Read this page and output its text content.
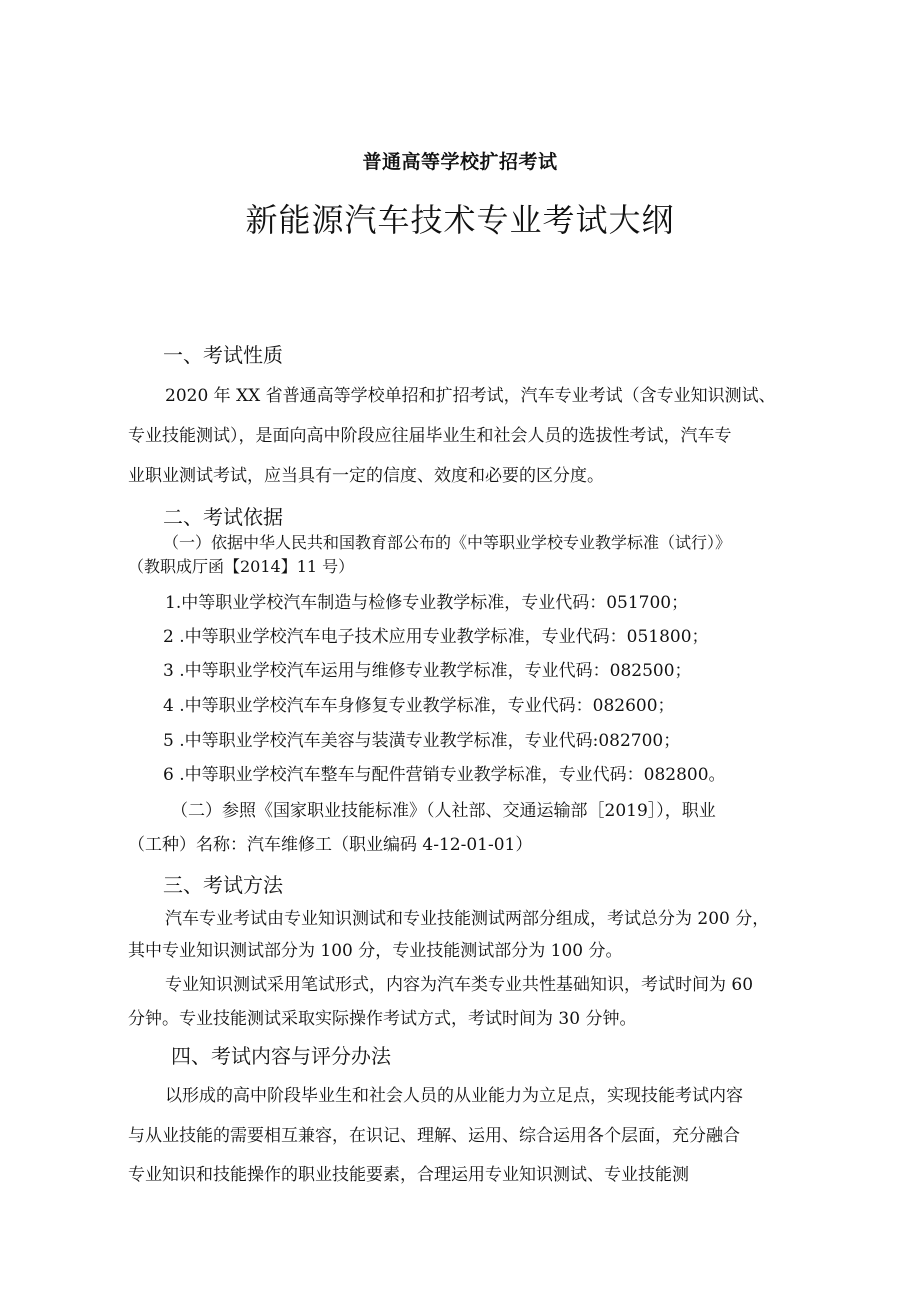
普通高等学校扩招考试
新能源汽车技术专业考试大纲
一、考试性质
2020 年 XX 省普通高等学校单招和扩招考试，汽车专业考试（含专业知识测试、
专业技能测试），是面向高中阶段应往届毕业生和社会人员的选拔性考试，汽车专
业职业测试考试，应当具有一定的信度、效度和必要的区分度。
二、考试依据
（一）依据中华人民共和国教育部公布的《中等职业学校专业教学标准（试行）》
（教职成厅函【2014】11 号）
1.中等职业学校汽车制造与检修专业教学标准，专业代码：051700；
2 .中等职业学校汽车电子技术应用专业教学标准，专业代码：051800；
3 .中等职业学校汽车运用与维修专业教学标准，专业代码：082500；
4 .中等职业学校汽车车身修复专业教学标准，专业代码：082600；
5 .中等职业学校汽车美容与装潢专业教学标准，专业代码:082700；
6 .中等职业学校汽车整车与配件营销专业教学标准，专业代码：082800。
（二）参照《国家职业技能标准》（人社部、交通运输部［2019］），职业
（工种）名称：汽车维修工（职业编码 4-12-01-01）
三、考试方法
汽车专业考试由专业知识测试和专业技能测试两部分组成，考试总分为 200 分，
其中专业知识测试部分为 100 分，专业技能测试部分为 100 分。
专业知识测试采用笔试形式，内容为汽车类专业共性基础知识，考试时间为 60
分钟。专业技能测试采取实际操作考试方式，考试时间为 30 分钟。
四、考试内容与评分办法
以形成的高中阶段毕业生和社会人员的从业能力为立足点，实现技能考试内容
与从业技能的需要相互兼容，在识记、理解、运用、综合运用各个层面，充分融合
专业知识和技能操作的职业技能要素，合理运用专业知识测试、专业技能测
